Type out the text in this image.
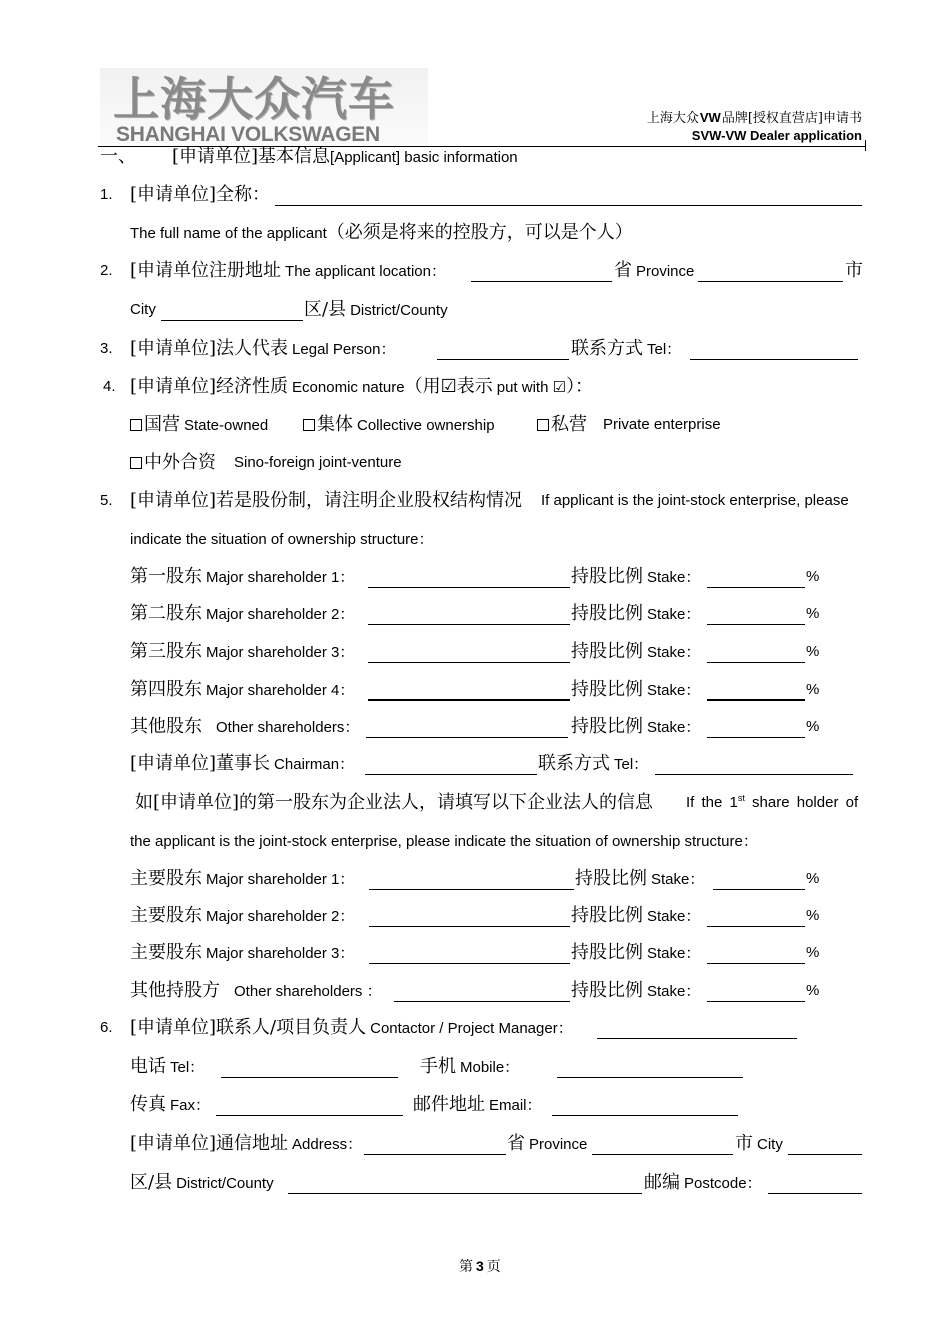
上海大众汽车
SHANGHAI VOLKSWAGEN
上海大众VW品牌[授权直营店]申请书
SVW-VW Dealer application
一、 [申请单位]基本信息[Applicant] basic information
1. [申请单位]全称：
The full name of the applicant（必须是将来的控股方，可以是个人）
2. [申请单位注册地址 The applicant location：	省 Province	市
City	区/县 District/County
3. [申请单位]法人代表 Legal Person：	联系方式 Tel：
4. [申请单位]经济性质 Economic nature（用☑表示 put with ☑）：
国营 State-owned	集体 Collective ownership	私营 Private enterprise
中外合资 Sino-foreign joint-venture
5. [申请单位]若是股份制，请注明企业股权结构情况 If applicant is the joint-stock enterprise, please
indicate the situation of ownership structure：
第一股东 Major shareholder 1：	持股比例 Stake：	%
第二股东 Major shareholder 2：	持股比例 Stake：	%
第三股东 Major shareholder 3：	持股比例 Stake：	%
第四股东 Major shareholder 4：	持股比例 Stake：	%
其他股东 Other shareholders：	持股比例 Stake：	%
[申请单位]董事长 Chairman：	联系方式 Tel：
如[申请单位]的第一股东为企业法人，请填写以下企业法人的信息 If the 1st share holder of
the applicant is the joint-stock enterprise, please indicate the situation of ownership structure：
主要股东 Major shareholder 1：	持股比例 Stake：	%
主要股东 Major shareholder 2：	持股比例 Stake：	%
主要股东 Major shareholder 3：	持股比例 Stake：	%
其他持股方 Other shareholders ：	持股比例 Stake：	%
6. [申请单位]联系人/项目负责人 Contactor / Project Manager：
电话 Tel：	手机 Mobile：
传真 Fax：	邮件地址 Email：
[申请单位]通信地址 Address：	省 Province	市 City
区/县 District/County	邮编 Postcode：
第 3 页
